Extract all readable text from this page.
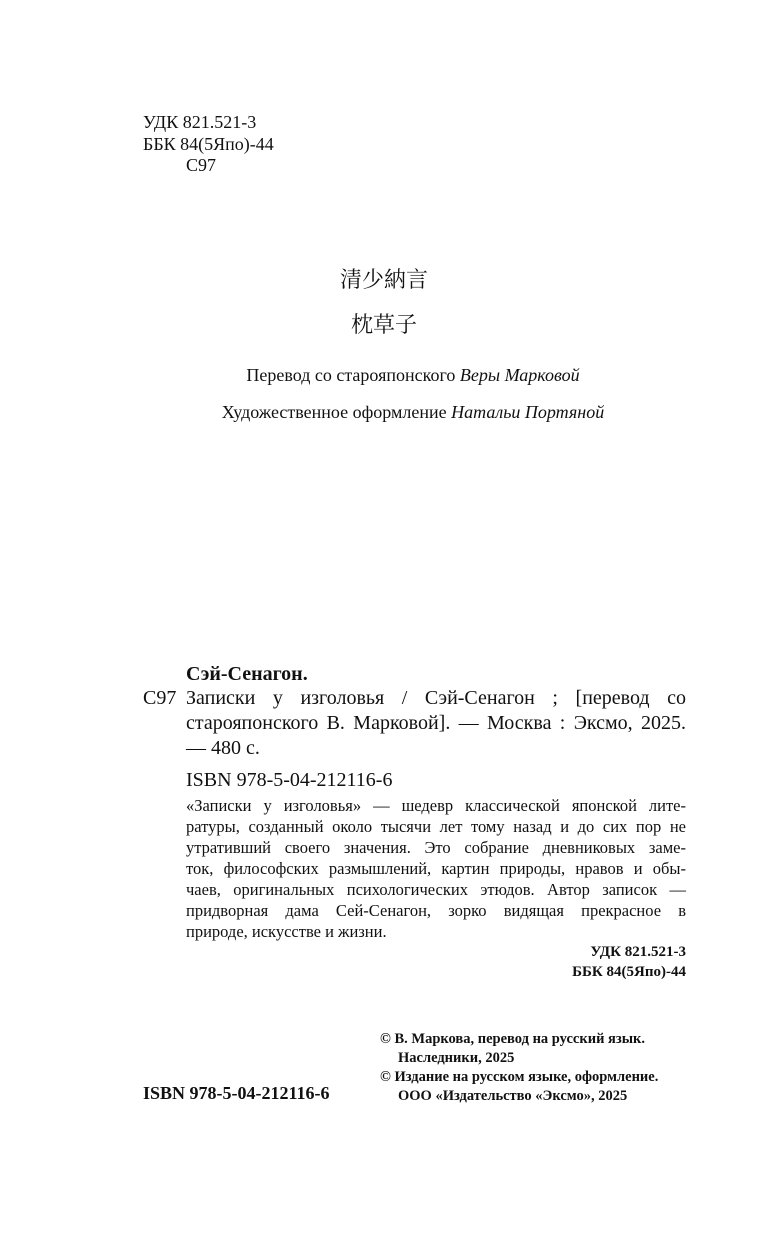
УДК 821.521-3
ББК 84(5Япо)-44
С97
清少納言
枕草子
Перевод со старояпонского Веры Марковой
Художественное оформление Натальи Портяной
Сэй-Сенагон.
С97 Записки у изголовья / Сэй-Сенагон ; [перевод со старояпонского В. Марковой]. — Москва : Эксмо, 2025. — 480 с.
ISBN 978-5-04-212116-6
«Записки у изголовья» — шедевр классической японской лите-
ратуры, созданный около тысячи лет тому назад и до сих пор не
утративший своего значения. Это собрание дневниковых заме-
ток, философских размышлений, картин природы, нравов и обы-
чаев, оригинальных психологических этюдов. Автор записок —
придворная дама Сей-Сенагон, зорко видящая прекрасное в
природе, искусстве и жизни.
УДК 821.521-3
ББК 84(5Япо)-44
© В. Маркова, перевод на русский язык.
Наследники, 2025
© Издание на русском языке, оформление.
ООО «Издательство «Эксмо», 2025
ISBN 978-5-04-212116-6
